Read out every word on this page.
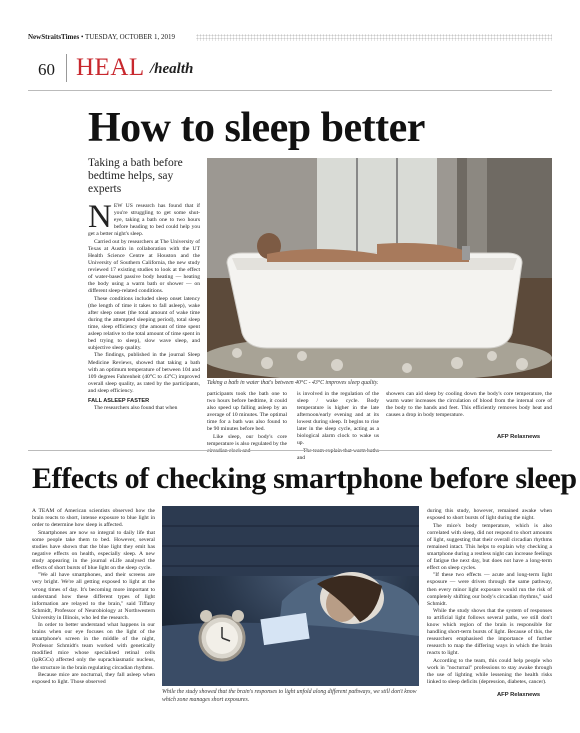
NewStraitsTimes • TUESDAY, OCTOBER 1, 2019
60 HEAL /health
How to sleep better
Taking a bath before bedtime helps, say experts

NEW US research has found that if you're struggling to get some shut-eye, taking a bath one to two hours before heading to bed could help you get a better night's sleep.

Carried out by researchers at The University of Texas at Austin in collaboration with the UT Health Science Centre at Houston and the University of Southern California, the new study reviewed 17 existing studies to look at the effect of water-based passive body heating — heating the body using a warm bath or shower — on different sleep-related conditions.

These conditions included sleep onset latency (the length of time it takes to fall asleep), wake after sleep onset (the total amount of wake time during the attempted sleeping period), total sleep time, sleep efficiency (the amount of time spent asleep relative to the total amount of time spent in bed trying to sleep), slow wave sleep, and subjective sleep quality.

The findings, published in the journal Sleep Medicine Reviews, showed that taking a bath with an optimum temperature of between 104 and 109 degrees Fahrenheit (40°C to 43°C) improved overall sleep quality, as rated by the participants, and sleep efficiency.

FALL ASLEEP FASTER

The researchers also found that when

Taking a bath in water that's between 40°C - 43°C improves sleep quality.

participants took the bath one to two hours before bedtime, it could also speed up falling asleep by an average of 10 minutes. The optimal time for a bath was also found to be 90 minutes before bed.

Like sleep, our body's core temperature is also regulated by the

is involved in the regulation of the sleep / wake cycle. Body temperature is higher in the late afternoon/early evening and at its lowest during sleep. It begins to rise later in the sleep cycle, acting as a biological alarm clock to wake us up.

and

showers can aid sleep by cooling down the body's core temperature, the warm water increases the circulation of blood from the internal core of the body to the hands and feet. This efficiently removes body heat and causes a drop in body temperature.

AFP Relaxnews
Effects of checking smartphone before sleep

A TEAM of American scientists observed how the brain reacts to short, intense exposure to blue light in order to determine how sleep is affected.

Smartphones are now so integral to daily life that some people take them to bed. However, several studies have shown that the blue light they emit has negative effects on health, especially sleep. A new study appearing in the journal eLife analysed the effects of short bursts of blue light on the sleep cycle.

"We all have smartphones, and their screens are very bright. We're all getting exposed to light at the wrong times of day. It's becoming more important to understand how these different types of light information are relayed to the brain," said Tiffany Schmidt, Professor of Neurobiology at Northwestern University in Illinois, who led the research.

In order to better understand what happens in our brains when our eye focuses on the light of the smartphone's screen in the middle of the night, Professor Schmidt's team worked with genetically modified mice whose specialised retinal cells (ipRGCs) affected only the suprachiasmatic nucleus, the structure in the brain regulating circadian rhythms.

Because mice are nocturnal, they fall asleep when exposed to light. Those observed

While the study showed that the brain's responses to light unfold along different pathways, we still don't know which zone manages short exposures.

during this study, however, remained awake when exposed to short bursts of light during the night.

The mice's body temperature, which is also correlated with sleep, did not respond to short amounts of light, suggesting that their overall circadian rhythms remained intact. This helps to explain why checking a smartphone during a restless night can increase feelings of fatigue the next day, but does not have a long-term effect on sleep cycles.

"If these two effects — acute and long-term light exposure — were driven through the same pathway, then every minor light exposure would run the risk of completely shifting our body's circadian rhythms," said Schmidt.

While the study shows that the system of responses to artificial light follows several paths, we still don't know which region of the brain is responsible for handling short-term bursts of light. Because of this, the researchers emphasised the importance of further research to map the differing ways in which the brain reacts to light.

According to the team, this could help people who work in "nocturnal" professions to stay awake through the use of lighting while lessening the health risks linked to sleep deficits (depression, diabetes, cancer).

AFP Relaxnews
